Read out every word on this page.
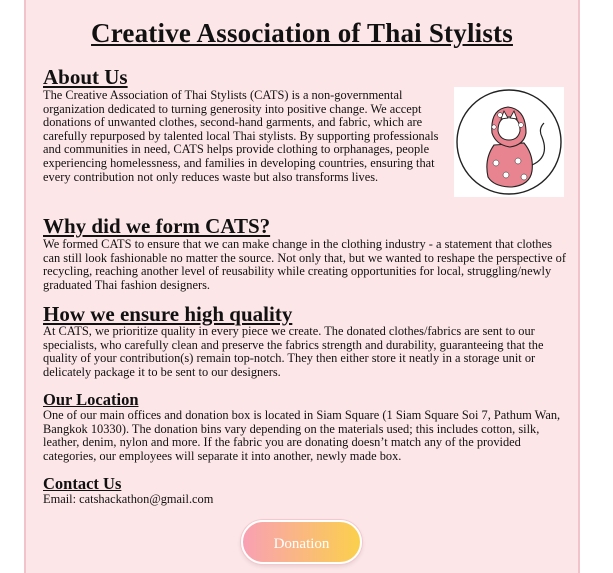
Creative Association of Thai Stylists
About Us

The Creative Association of Thai Stylists (CATS) is a non-governmental organization dedicated to turning generosity into positive change. We accept donations of unwanted clothes, second-hand garments, and fabric, which are carefully repurposed by talented local Thai stylists. By supporting professionals and communities in need, CATS helps provide clothing to orphanages, people experiencing homelessness, and families in developing countries, ensuring that every contribution not only reduces waste but also transforms lives.

Why did we form CATS?

We formed CATS to ensure that we can make change in the clothing industry - a statement that clothes can still look fashionable no matter the source. Not only that, but we wanted to reshape the perspective of recycling, reaching another level of reusability while creating opportunities for local, struggling/newly graduated Thai fashion designers.

How we ensure high quality

At CATS, we prioritize quality in every piece we create. The donated clothes/fabrics are sent to our specialists, who carefully clean and preserve the fabrics strength and durability, guaranteeing that the quality of your contribution(s) remain top-notch. They then either store it neatly in a storage unit or delicately package it to be sent to our designers.

Our Location

One of our main offices and donation box is located in Siam Square (1 Siam Square Soi 7, Pathum Wan, Bangkok 10330). The donation bins vary depending on the materials used; this includes cotton, silk, leather, denim, nylon and more. If the fabric you are donating doesn’t match any of the provided categories, our employees will separate it into another, newly made box.

Contact Us

Email: catshackathon@gmail.com

Donation
